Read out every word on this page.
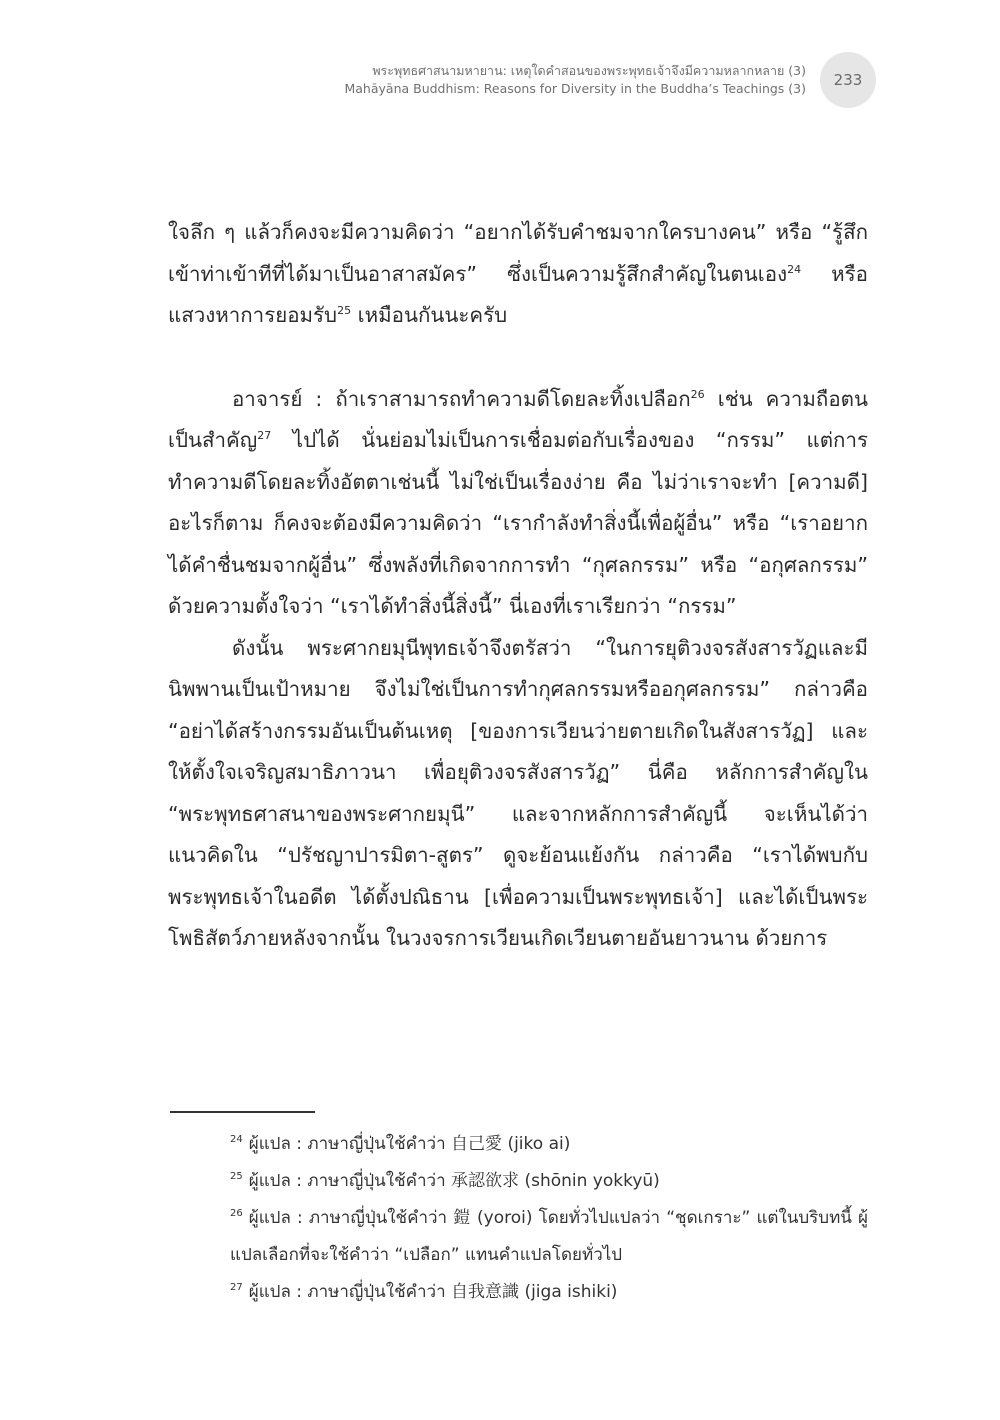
พระพุทธศาสนามหายาน: เหตุใดคำสอนของพระพุทธเจ้าจึงมีความหลากหลาย (3)
Mahāyāna Buddhism: Reasons for Diversity in the Buddha’s Teachings (3) 233

ใจลึก ๆ แล้วก็คงจะมีความคิดว่า “อยากได้รับคำชมจากใครบางคน” หรือ “รู้สึกเข้าท่าเข้าทีที่ได้มาเป็นอาสาสมัคร” ซึ่งเป็นความรู้สึกสำคัญในตนเอง$^{24}$ หรือแสวงหาการยอมรับ$^{25}$ เหมือนกันนะครับ

อาจารย์ : ถ้าเราสามารถทำความดีโดยละทิ้งเปลือก$^{26}$ เช่น ความถือตนเป็นสำคัญ$^{27}$ ไปได้ นั่นย่อมไม่เป็นการเชื่อมต่อกับเรื่องของ “กรรม” แต่การทำความดีโดยละทิ้งอัตตาเช่นนี้ ไม่ใช่เป็นเรื่องง่าย คือ ไม่ว่าเราจะทำ [ความดี] อะไรก็ตาม ก็คงจะต้องมีความคิดว่า “เรากำลังทำสิ่งนี้เพื่อผู้อื่น” หรือ “เราอยากได้คำชื่นชมจากผู้อื่น” ซึ่งพลังที่เกิดจากการทำ “กุศลกรรม” หรือ “อกุศลกรรม” ด้วยความตั้งใจว่า “เราได้ทำสิ่งนี้สิ่งนี้” นี่เองที่เราเรียกว่า “กรรม”

ดังนั้น พระศากยมุนีพุทธเจ้าจึงตรัสว่า “ในการยุติวงจรสังสารวัฏและมีนิพพานเป็นเป้าหมาย จึงไม่ใช่เป็นการทำกุศลกรรมหรืออกุศลกรรม” กล่าวคือ “อย่าได้สร้างกรรมอันเป็นต้นเหตุ [ของการเวียนว่ายตายเกิดในสังสารวัฏ] และให้ตั้งใจเจริญสมาธิภาวนา เพื่อยุติวงจรสังสารวัฏ” นี่คือ หลักการสำคัญใน “พระพุทธศาสนาของพระศากยมุนี” และจากหลักการสำคัญนี้ จะเห็นได้ว่า แนวคิดใน “ปรัชญาปารมิตา-สูตร” ดูจะย้อนแย้งกัน กล่าวคือ “เราได้พบกับพระพุทธเจ้าในอดีต ได้ตั้งปณิธาน [เพื่อความเป็นพระพุทธเจ้า] และได้เป็นพระโพธิสัตว์ภายหลังจากนั้น ในวงจรการเวียนเกิดเวียนตายอันยาวนาน ด้วยการ

$^{24}$ ผู้แปล : ภาษาญี่ปุ่นใช้คำว่า 自己愛 (jiko ai)

$^{25}$ ผู้แปล : ภาษาญี่ปุ่นใช้คำว่า 承認欲求 (shōnin yokkyū)

$^{26}$ ผู้แปล : ภาษาญี่ปุ่นใช้คำว่า 鎧 (yoroi) โดยทั่วไปแปลว่า “ชุดเกราะ” แต่ในบริบทนี้ ผู้แปลเลือกที่จะใช้คำว่า “เปลือก” แทนคำแปลโดยทั่วไป

$^{27}$ ผู้แปล : ภาษาญี่ปุ่นใช้คำว่า 自我意識 (jiga ishiki)
